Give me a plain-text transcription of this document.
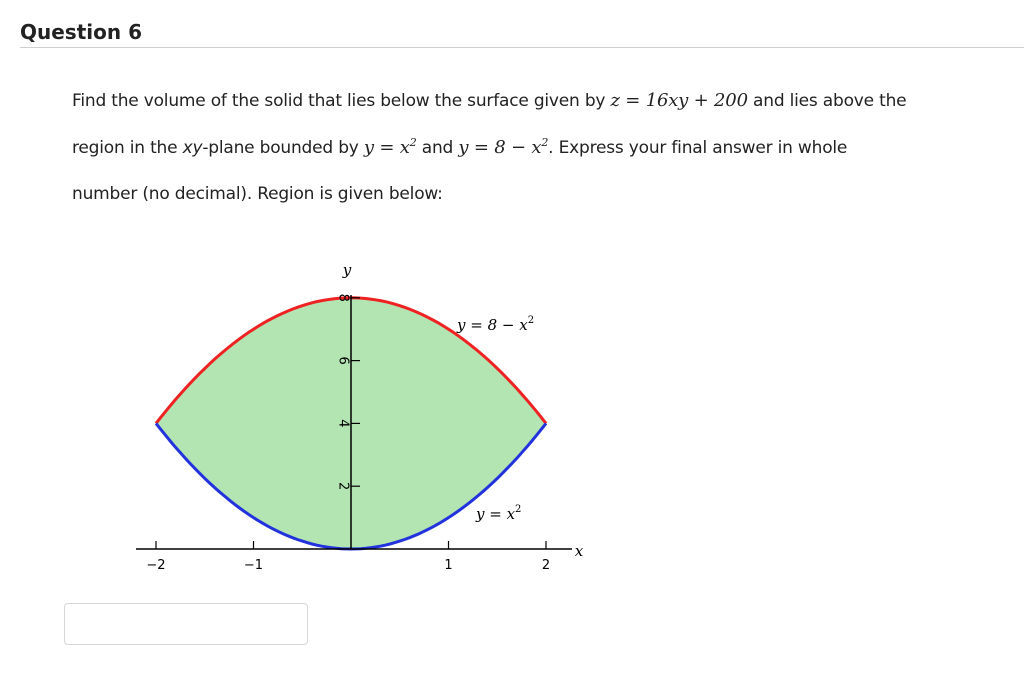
Question 6
Find the volume of the solid that lies below the surface given by z = 16xy + 200 and lies above the
region in the xy-plane bounded by $y = x^2$ and $y = 8 - x^2$. Express your final answer in whole
number (no decimal). Region is given below:
2
4
6
8
−2	−1	1	2
y
x
$y = 8 - x^2$
$y = x^2$
